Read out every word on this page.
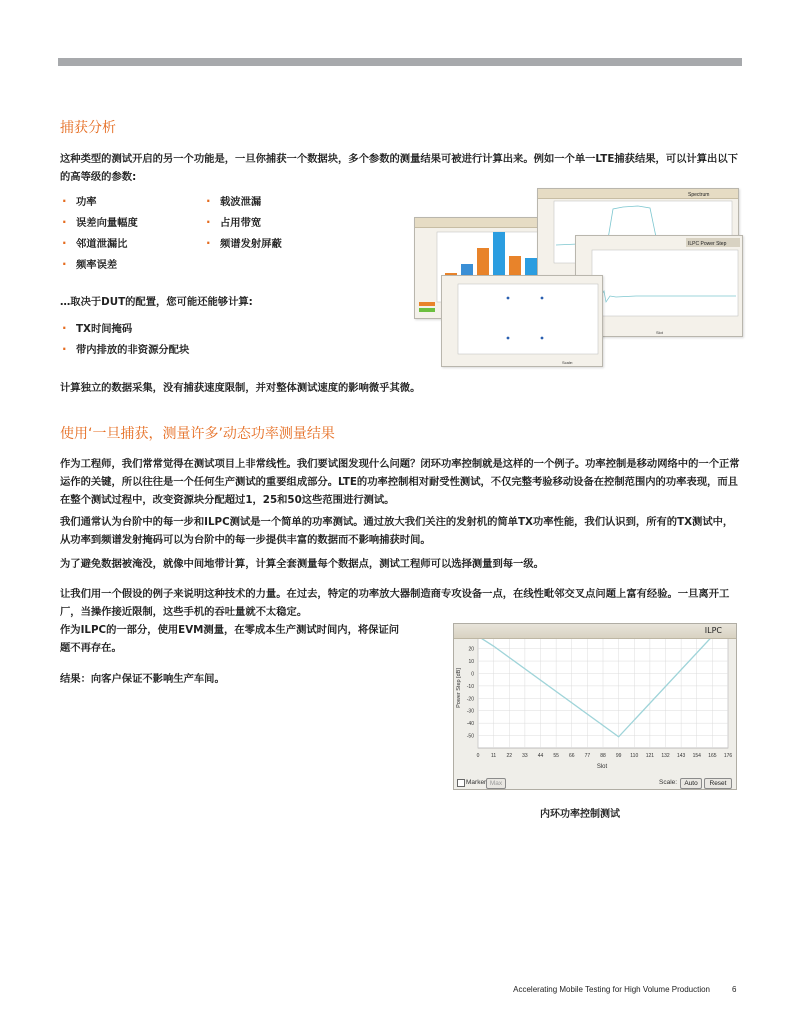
捕获分析

这种类型的测试开启的另一个功能是，一旦你捕获一个数据块，多个参数的测量结果可被进行计算出来。例如一个单一LTE捕获结果，可以计算出以下的高等级的参数:

· 功率
· 误差向量幅度
· 邻道泄漏比
· 频率误差
· 载波泄漏
· 占用带宽
· 频谱发射屏蔽

…取决于DUT的配置，您可能还能够计算:

· TX时间掩码
· 带内排放的非资源分配块

计算独立的数据采集，没有捕获速度限制，并对整体测试速度的影响微乎其微。

Spectrum
ILPC Power Step
Slot
Scale:
使用‘一旦捕获，测量许多’动态功率测量结果

作为工程师，我们常常觉得在测试项目上非常线性。我们要试图发现什么问题？闭环功率控制就是这样的一个例子。功率控制是移动网络中的一个正常运作的关键，所以往往是一个任何生产测试的重要组成部分。LTE的功率控制相对耐受性测试，不仅完整考验移动设备在控制范围内的功率表现，而且在整个测试过程中，改变资源块分配超过1，25和50这些范围进行测试。

我们通常认为台阶中的每一步和ILPC测试是一个简单的功率测试。通过放大我们关注的发射机的简单TX功率性能，我们认识到，所有的TX测试中，从功率到频谱发射掩码可以为台阶中的每一步提供丰富的数据而不影响捕获时间。

为了避免数据被淹没，就像中间地带计算，计算全套测量每个数据点，测试工程师可以选择测量到每一级。

让我们用一个假设的例子来说明这种技术的力量。在过去，特定的功率放大器制造商专攻设备一点，在线性毗邻交叉点问题上富有经验。一旦离开工厂，当操作接近限制，这些手机的吞吐量就不太稳定。

作为ILPC的一部分，使用EVM测量，在零成本生产测试时间内，将保证问

题不再存在。

结果：向客户保证不影响生产车间。

ILPC
20
10
0
-10
-20
-30
-40
-50
0 11 22 33 44 55 66 77 88 99 110 121 132 143 154 165 176
Slot
Power Step [dB]
Marker Max	Scale:	Auto	Reset
内环功率控制测试
Accelerating Mobile Testing for High Volume Production	6
